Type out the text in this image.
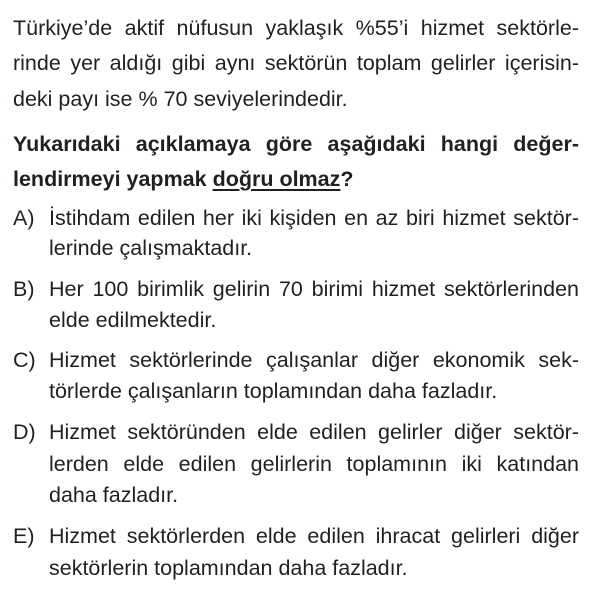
Türkiye’de aktif nüfusun yaklaşık %55’i hizmet sektörle-
rinde yer aldığı gibi aynı sektörün toplam gelirler içerisin-
deki payı ise % 70 seviyelerindedir.
Yukarıdaki açıklamaya göre aşağıdaki hangi değer-
lendirmeyi yapmak doğru olmaz?
A) İstihdam edilen her iki kişiden en az biri hizmet sektör-
lerinde çalışmaktadır.
B) Her 100 birimlik gelirin 70 birimi hizmet sektörlerinden
elde edilmektedir.
C) Hizmet sektörlerinde çalışanlar diğer ekonomik sek-
törlerde çalışanların toplamından daha fazladır.
D) Hizmet sektöründen elde edilen gelirler diğer sektör-
lerden elde edilen gelirlerin toplamının iki katından
daha fazladır.
E) Hizmet sektörlerden elde edilen ihracat gelirleri diğer
sektörlerin toplamından daha fazladır.
